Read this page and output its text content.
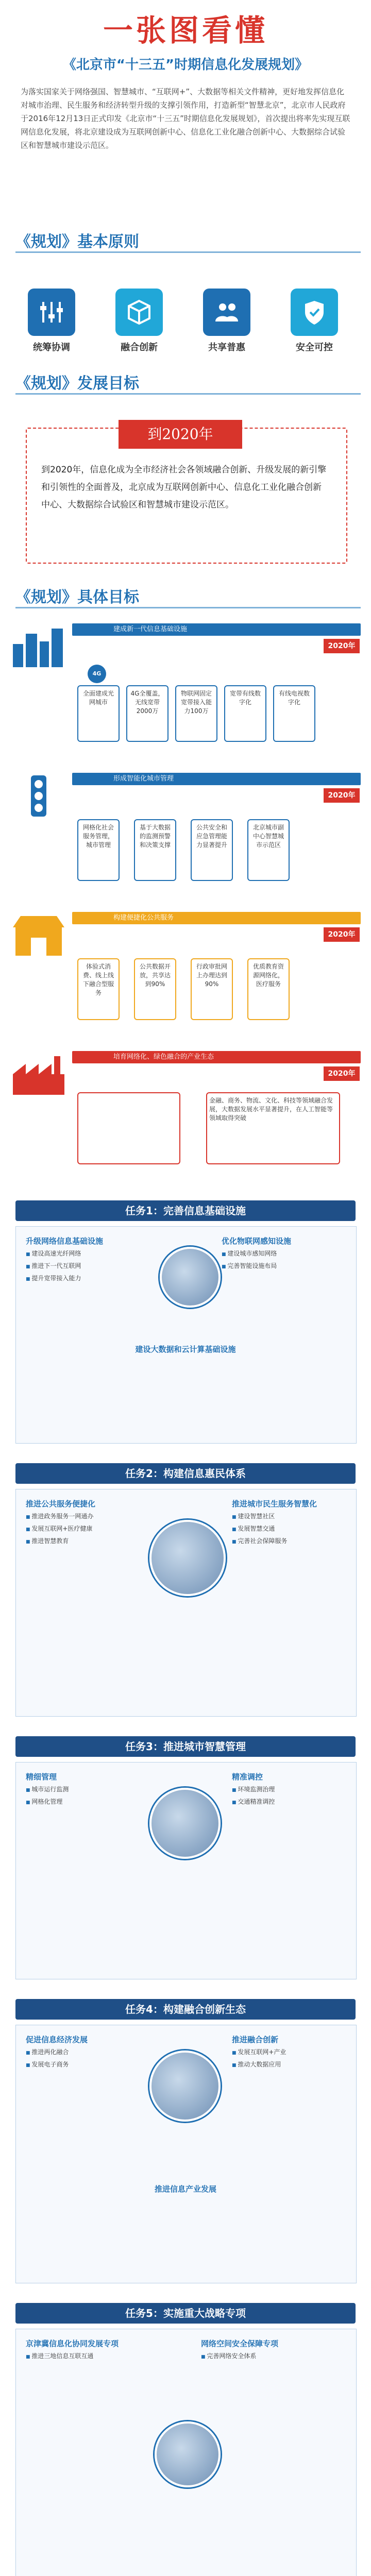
一张图看懂
《北京市“十三五”时期信息化发展规划》
为落实国家关于网络强国、智慧城市、“互联网+”、大数据等相关文件精神，更好地发挥信息化对城市治理、民生服务和经济转型升级的支撑引领作用，打造新型“智慧北京”，北京市人民政府于2016年12月13日正式印发《北京市“十三五”时期信息化发展规划》，首次提出将率先实现互联网信息化发展，将北京建设成为互联网创新中心、信息化工业化融合创新中心、大数据综合试验区和智慧城市建设示范区。
《规划》基本原则
统筹协调	融合创新	共享普惠	安全可控
《规划》发展目标
到2020年
到2020年，信息化成为全市经济社会各领域融合创新、升级发展的新引擎和引领性的全面普及，北京成为互联网创新中心、信息化工业化融合创新中心、大数据综合试验区和智慧城市建设示范区。
《规划》具体目标
建成新一代信息基础设施
2020年
4G
全面建成光网城市
4G全覆盖，无线宽带2000万
物联网固定宽带接入能力100万
宽带有线数字化
有线电视数字化
形成智能化城市管理
2020年
网格化社会服务管理，城市管理
基于大数据的监测预警和决策支撑
公共安全和应急管理能力显著提升
北京城市副中心智慧城市示范区
构建便捷化公共服务
2020年
体验式消费、线上线下融合型服务
公共数据开放，共享达到90%
行政审批网上办理达到90%
优质教育资源网络化，医疗服务
培育网络化、绿色融合的产业生态
2020年
金融、商务、物流、文化、科技等领域融合发展，大数据发展水平显著提升，在人工智能等领域取得突破
任务1：完善信息基础设施
升级网络信息基础设施
■ 建设高速光纤网络
■ 推进下一代互联网
■ 提升宽带接入能力
优化物联网感知设施
■ 建设城市感知网络
■ 完善智能设施布局
建设大数据和云计算基础设施
任务2：构建信息惠民体系
推进公共服务便捷化
■ 推进政务服务一网通办
■ 发展互联网+医疗健康
■ 推进智慧教育
推进城市民生服务智慧化
■ 建设智慧社区
■ 发展智慧交通
■ 完善社会保障服务
任务3：推进城市智慧管理
精细管理
■ 城市运行监测
■ 网格化管理
精准调控
■ 环境监测治理
■ 交通精准调控
任务4：构建融合创新生态
促进信息经济发展
■ 推进两化融合
■ 发展电子商务
推进融合创新
■ 发展互联网+产业
■ 推动大数据应用
推进信息产业发展
任务5：实施重大战略专项
京津冀信息化协同发展专项
■ 推进三地信息互联互通
网络空间安全保障专项
■ 完善网络安全体系
